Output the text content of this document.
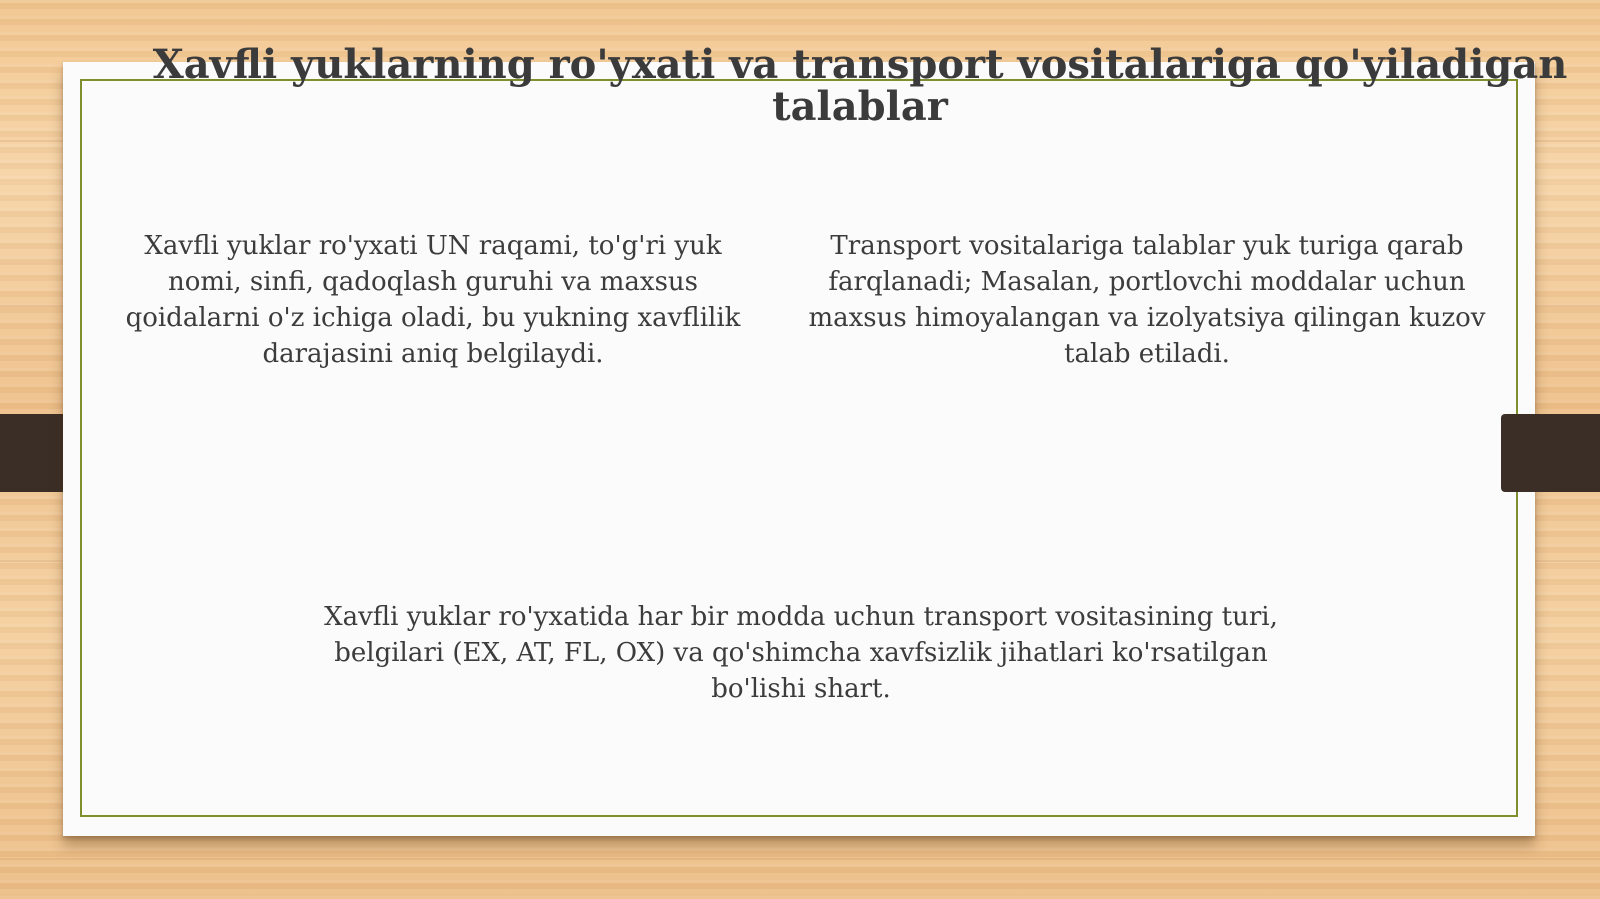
Xavfli yuklarning ro'yxati va transport vositalariga qo'yiladigan talablar

Xavfli yuklar ro'yxati UN raqami, to'g'ri yuk nomi, sinfi, qadoqlash guruhi va maxsus qoidalarni o'z ichiga oladi, bu yukning xavflilik darajasini aniq belgilaydi.

Transport vositalariga talablar yuk turiga qarab farqlanadi; Masalan, portlovchi moddalar uchun maxsus himoyalangan va izolyatsiya qilingan kuzov talab etiladi.

Xavfli yuklar ro'yxatida har bir modda uchun transport vositasining turi, belgilari (EX, AT, FL, OX) va qo'shimcha xavfsizlik jihatlari ko'rsatilgan bo'lishi shart.
